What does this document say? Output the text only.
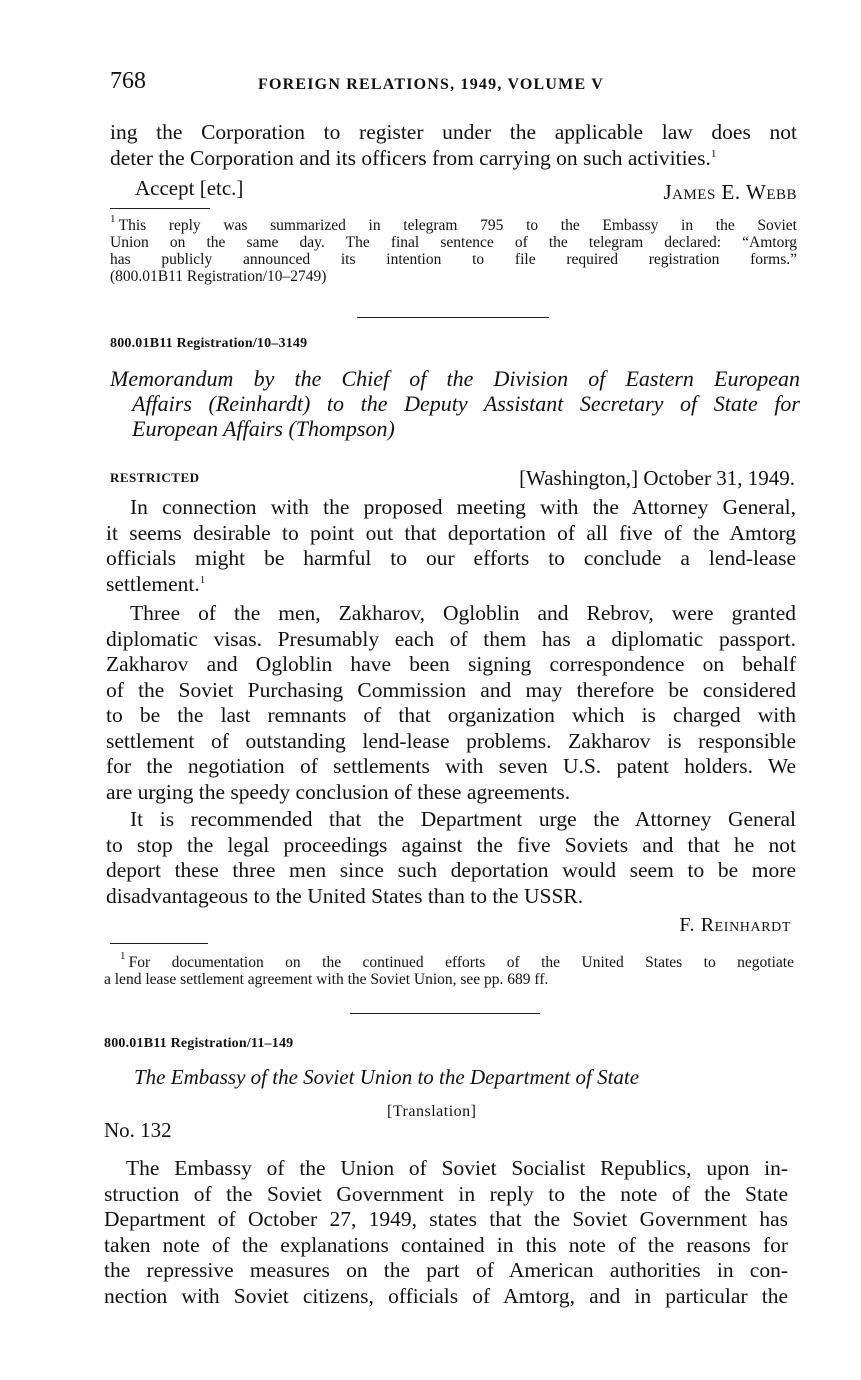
768	FOREIGN RELATIONS, 1949, VOLUME V
ing the Corporation to register under the applicable law does not
deter the Corporation and its officers from carrying on such activities.$^1$
Accept [etc.]	James E. Webb
$^1$  This reply was summarized in telegram 795 to the Embassy in the Soviet
Union on the same day. The final sentence of the telegram declared: “Amtorg
has publicly announced its intention to file required registration forms.”
(800.01B11 Registration/10–2749)
800.01B11 Registration/10–3149
Memorandum by the Chief of the Division of Eastern European
Affairs (Reinhardt) to the Deputy Assistant Secretary of State for
European Affairs (Thompson)
RESTRICTED	[Washington,] October 31, 1949.
In connection with the proposed meeting with the Attorney General,
it seems desirable to point out that deportation of all five of the Amtorg
officials might be harmful to our efforts to conclude a lend-lease
settlement.$^1$
Three of the men, Zakharov, Ogloblin and Rebrov, were granted
diplomatic visas. Presumably each of them has a diplomatic passport.
Zakharov and Ogloblin have been signing correspondence on behalf
of the Soviet Purchasing Commission and may therefore be considered
to be the last remnants of that organization which is charged with
settlement of outstanding lend-lease problems. Zakharov is responsible
for the negotiation of settlements with seven U.S. patent holders. We
are urging the speedy conclusion of these agreements.
It is recommended that the Department urge the Attorney General
to stop the legal proceedings against the five Soviets and that he not
deport these three men since such deportation would seem to be more
disadvantageous to the United States than to the USSR.
F. Reinhardt
$^1$  For documentation on the continued efforts of the United States to negotiate
a lend lease settlement agreement with the Soviet Union, see pp. 689 ff.
800.01B11 Registration/11–149
The Embassy of the Soviet Union to the Department of State
[Translation]
No. 132
The Embassy of the Union of Soviet Socialist Republics, upon in-
struction of the Soviet Government in reply to the note of the State
Department of October 27, 1949, states that the Soviet Government has
taken note of the explanations contained in this note of the reasons for
the repressive measures on the part of American authorities in con-
nection with Soviet citizens, officials of Amtorg, and in particular the
